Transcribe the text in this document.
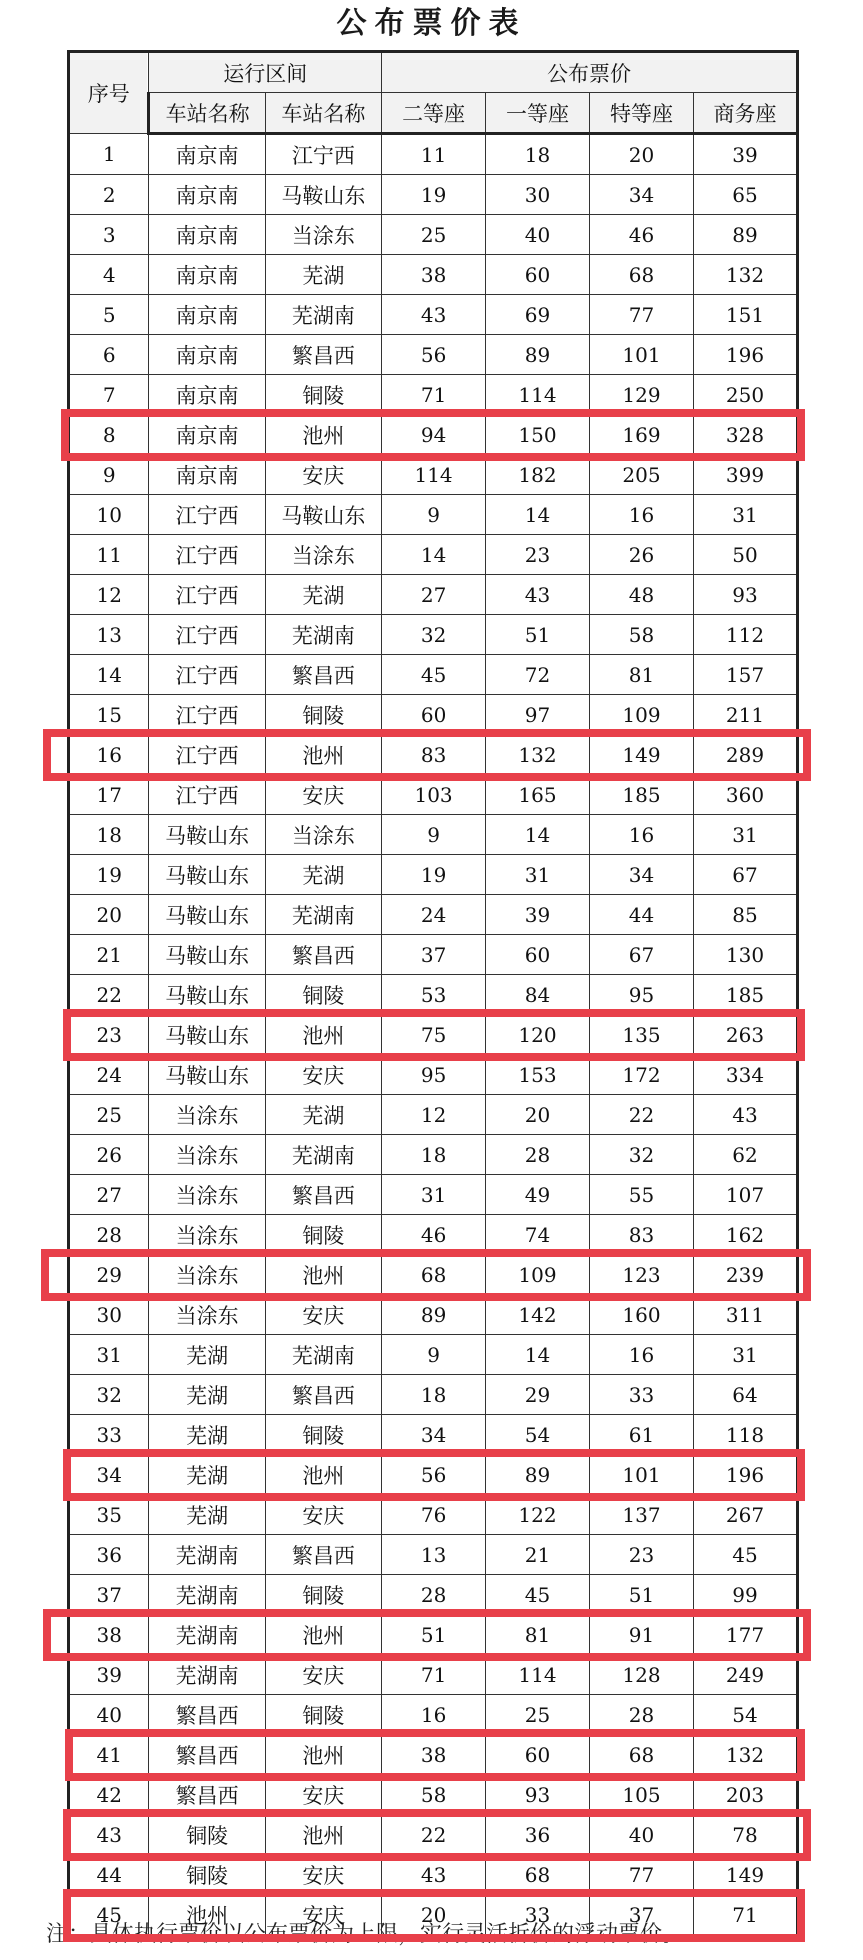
公布票价表
序号	运行区间		公布票价			
	车站名称	车站名称	二等座	一等座	特等座	商务座
1	南京南	江宁西	11	18	20	39
2	南京南	马鞍山东	19	30	34	65
3	南京南	当涂东	25	40	46	89
4	南京南	芜湖	38	60	68	132
5	南京南	芜湖南	43	69	77	151
6	南京南	繁昌西	56	89	101	196
7	南京南	铜陵	71	114	129	250
8	南京南	池州	94	150	169	328
9	南京南	安庆	114	182	205	399
10	江宁西	马鞍山东	9	14	16	31
11	江宁西	当涂东	14	23	26	50
12	江宁西	芜湖	27	43	48	93
13	江宁西	芜湖南	32	51	58	112
14	江宁西	繁昌西	45	72	81	157
15	江宁西	铜陵	60	97	109	211
16	江宁西	池州	83	132	149	289
17	江宁西	安庆	103	165	185	360
18	马鞍山东	当涂东	9	14	16	31
19	马鞍山东	芜湖	19	31	34	67
20	马鞍山东	芜湖南	24	39	44	85
21	马鞍山东	繁昌西	37	60	67	130
22	马鞍山东	铜陵	53	84	95	185
23	马鞍山东	池州	75	120	135	263
24	马鞍山东	安庆	95	153	172	334
25	当涂东	芜湖	12	20	22	43
26	当涂东	芜湖南	18	28	32	62
27	当涂东	繁昌西	31	49	55	107
28	当涂东	铜陵	46	74	83	162
29	当涂东	池州	68	109	123	239
30	当涂东	安庆	89	142	160	311
31	芜湖	芜湖南	9	14	16	31
32	芜湖	繁昌西	18	29	33	64
33	芜湖	铜陵	34	54	61	118
34	芜湖	池州	56	89	101	196
35	芜湖	安庆	76	122	137	267
36	芜湖南	繁昌西	13	21	23	45
37	芜湖南	铜陵	28	45	51	99
38	芜湖南	池州	51	81	91	177
39	芜湖南	安庆	71	114	128	249
40	繁昌西	铜陵	16	25	28	54
41	繁昌西	池州	38	60	68	132
42	繁昌西	安庆	58	93	105	203
43	铜陵	池州	22	36	40	78
44	铜陵	安庆	43	68	77	149
45	池州	安庆	20	33	37	71
注：具体执行票价以公布票价为上限，实行灵活折价的浮动票价。
